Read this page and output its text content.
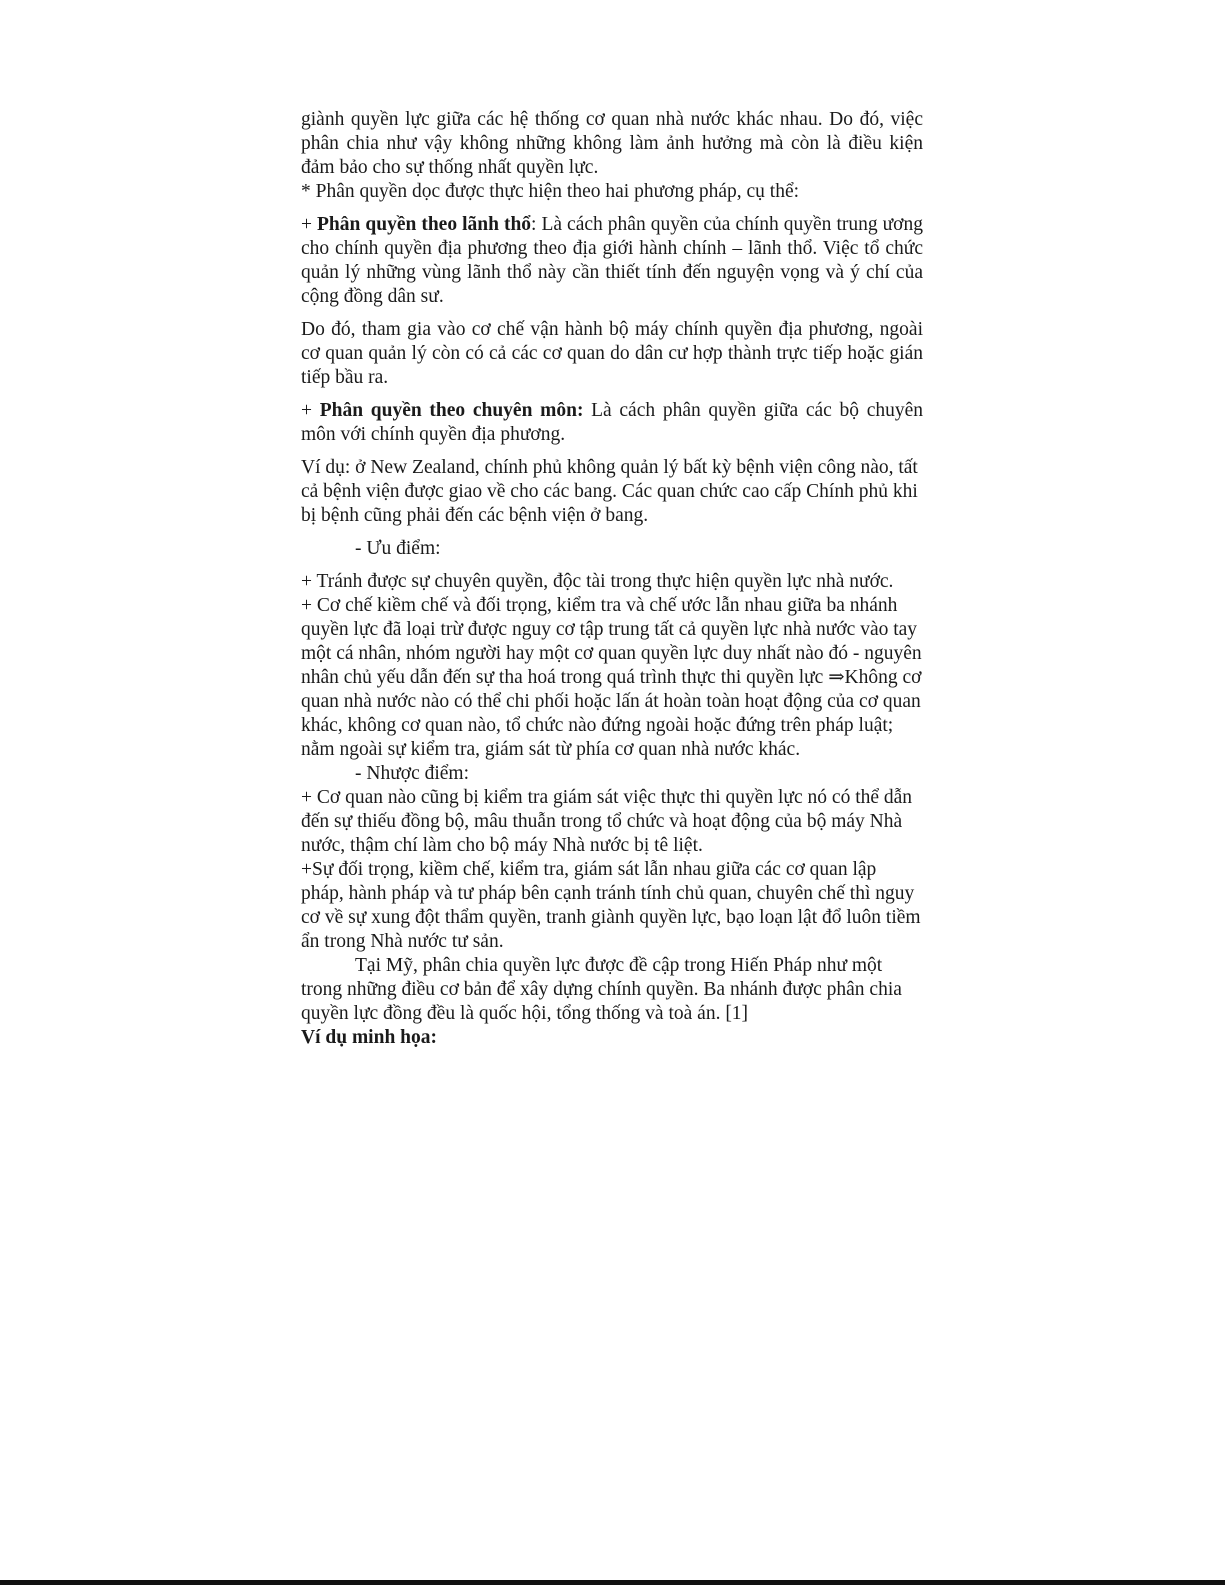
giành quyền lực giữa các hệ thống cơ quan nhà nước khác nhau. Do đó, việc phân chia như vậy không những không làm ảnh hưởng mà còn là điều kiện đảm bảo cho sự thống nhất quyền lực.

* Phân quyền dọc được thực hiện theo hai phương pháp, cụ thể:

+ Phân quyền theo lãnh thổ: Là cách phân quyền của chính quyền trung ương cho chính quyền địa phương theo địa giới hành chính – lãnh thổ. Việc tổ chức quản lý những vùng lãnh thổ này cần thiết tính đến nguyện vọng và ý chí của cộng đồng dân sư.

Do đó, tham gia vào cơ chế vận hành bộ máy chính quyền địa phương, ngoài cơ quan quản lý còn có cả các cơ quan do dân cư hợp thành trực tiếp hoặc gián tiếp bầu ra.

+ Phân quyền theo chuyên môn: Là cách phân quyền giữa các bộ chuyên môn với chính quyền địa phương.

Ví dụ: ở New Zealand, chính phủ không quản lý bất kỳ bệnh viện công nào, tất cả bệnh viện được giao về cho các bang. Các quan chức cao cấp Chính phủ khi bị bệnh cũng phải đến các bệnh viện ở bang.

- Ưu điểm:

+ Tránh được sự chuyên quyền, độc tài trong thực hiện quyền lực nhà nước.

+ Cơ chế kiềm chế và đối trọng, kiểm tra và chế ước lẫn nhau giữa ba nhánh quyền lực đã loại trừ được nguy cơ tập trung tất cả quyền lực nhà nước vào tay một cá nhân, nhóm người hay một cơ quan quyền lực duy nhất nào đó - nguyên nhân chủ yếu dẫn đến sự tha hoá trong quá trình thực thi quyền lực ⇒Không cơ quan nhà nước nào có thể chi phối hoặc lấn át hoàn toàn hoạt động của cơ quan khác, không cơ quan nào, tổ chức nào đứng ngoài hoặc đứng trên pháp luật; nằm ngoài sự kiểm tra, giám sát từ phía cơ quan nhà nước khác.

- Nhược điểm:

+ Cơ quan nào cũng bị kiểm tra giám sát việc thực thi quyền lực nó có thể dẫn đến sự thiếu đồng bộ, mâu thuẫn trong tổ chức và hoạt động của bộ máy Nhà nước, thậm chí làm cho bộ máy Nhà nước bị tê liệt.

+Sự đối trọng, kiềm chế, kiểm tra, giám sát lẫn nhau giữa các cơ quan lập pháp, hành pháp và tư pháp bên cạnh tránh tính chủ quan, chuyên chế thì nguy cơ về sự xung đột thẩm quyền, tranh giành quyền lực, bạo loạn lật đổ luôn tiềm ẩn trong Nhà nước tư sản.

Tại Mỹ, phân chia quyền lực được đề cập trong Hiến Pháp như một trong những điều cơ bản để xây dựng chính quyền. Ba nhánh được phân chia quyền lực đồng đều là quốc hội, tổng thống và toà án. [1]

Ví dụ minh họa:
